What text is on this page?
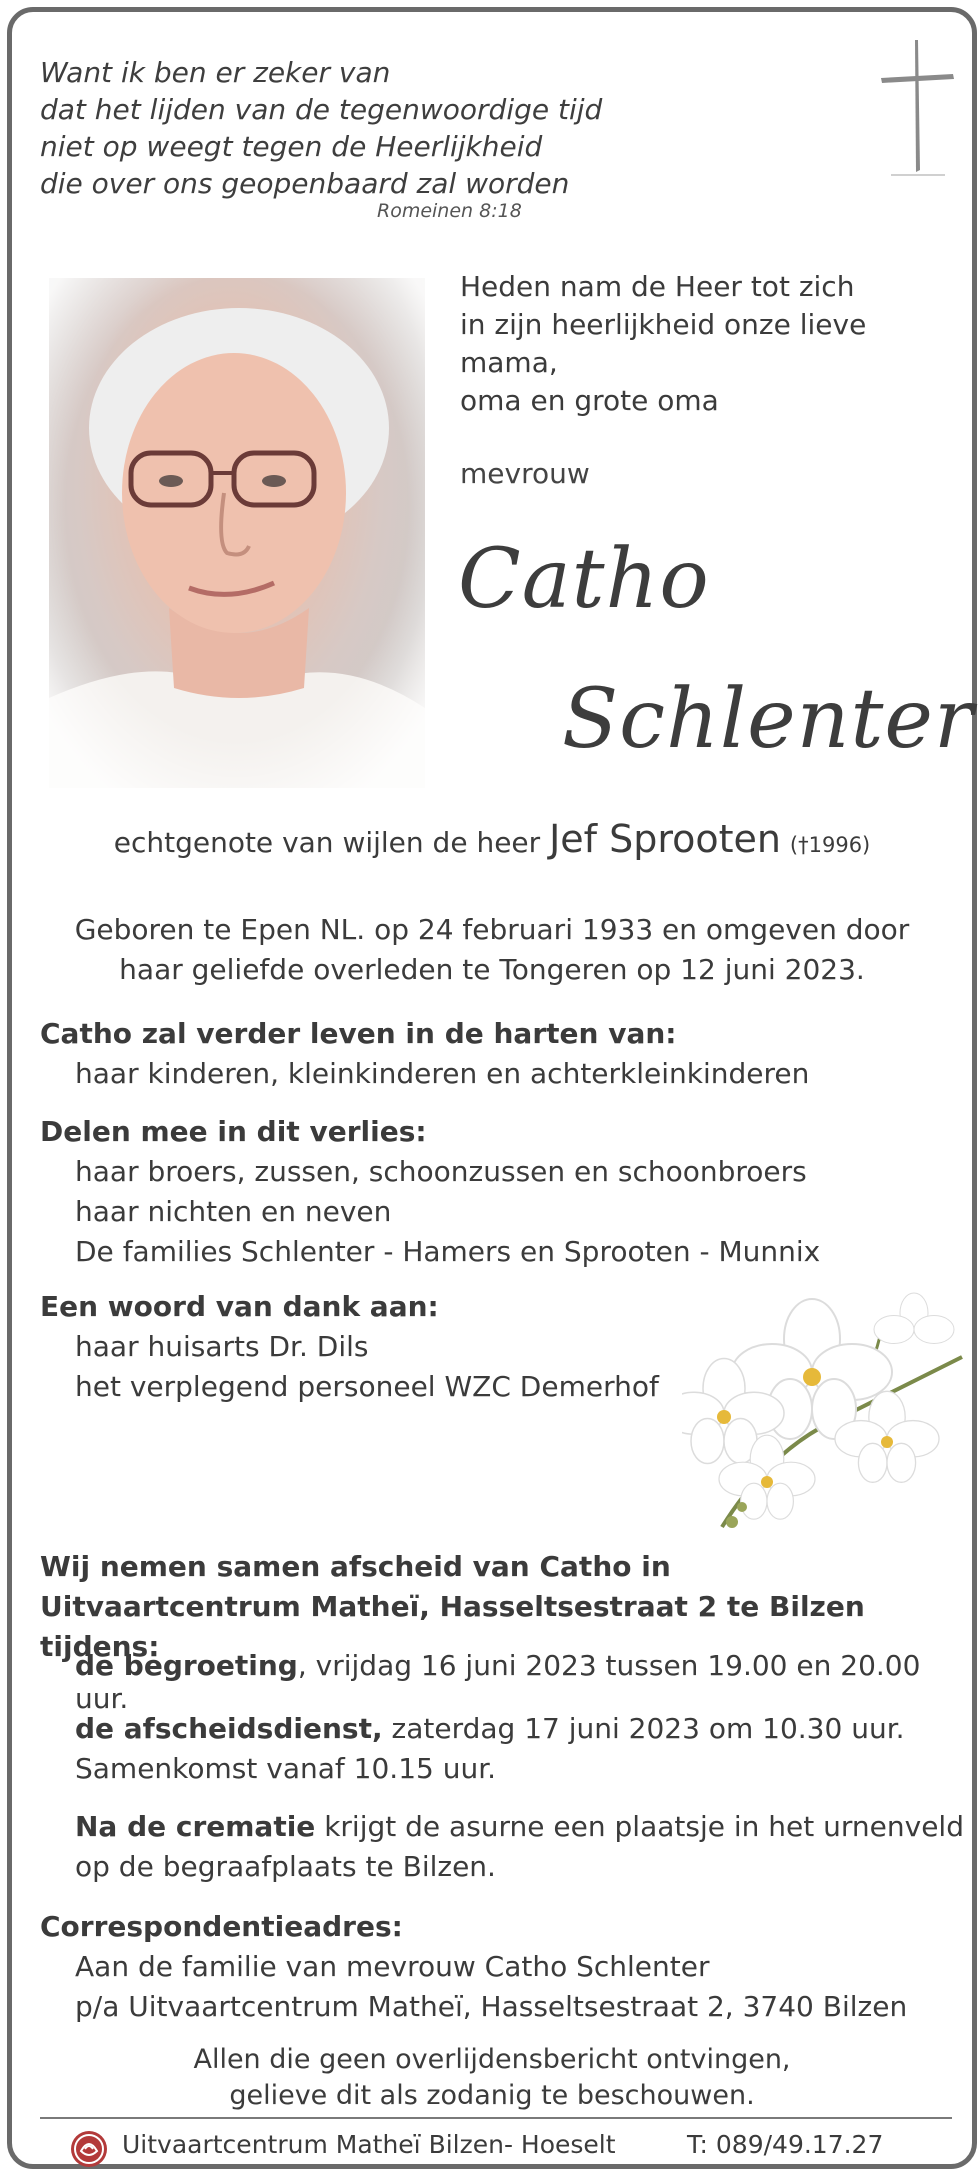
Want ik ben er zeker van
dat het lijden van de tegenwoordige tijd
niet op weegt tegen de Heerlijkheid
die over ons geopenbaard zal worden
Romeinen 8:18
Heden nam de Heer tot zich
in zijn heerlijkheid onze lieve mama,
oma en grote oma
mevrouw
Catho
Schlenter
echtgenote van wijlen de heer Jef Sprooten (†1996)
Geboren te Epen NL. op 24 februari 1933 en omgeven door
haar geliefde overleden te Tongeren op 12 juni 2023.
Catho zal verder leven in de harten van:
haar kinderen, kleinkinderen en achterkleinkinderen
Delen mee in dit verlies:
haar broers, zussen, schoonzussen en schoonbroers
haar nichten en neven
De families Schlenter - Hamers en Sprooten - Munnix
Een woord van dank aan:
haar huisarts Dr. Dils
het verplegend personeel WZC Demerhof
Wij nemen samen afscheid van Catho in
Uitvaartcentrum Matheï, Hasseltsestraat 2 te Bilzen tijdens:
de begroeting, vrijdag 16 juni 2023 tussen 19.00 en 20.00 uur.
de afscheidsdienst, zaterdag 17 juni 2023 om 10.30 uur.
Samenkomst vanaf 10.15 uur.
Na de crematie krijgt de asurne een plaatsje in het urnenveld
op de begraafplaats te Bilzen.
Correspondentieadres:
Aan de familie van mevrouw Catho Schlenter
p/a Uitvaartcentrum Matheï, Hasseltsestraat 2, 3740 Bilzen
Allen die geen overlijdensbericht ontvingen,
gelieve dit als zodanig te beschouwen.
Uitvaartcentrum Matheï Bilzen- Hoeselt	T: 089/49.17.27
